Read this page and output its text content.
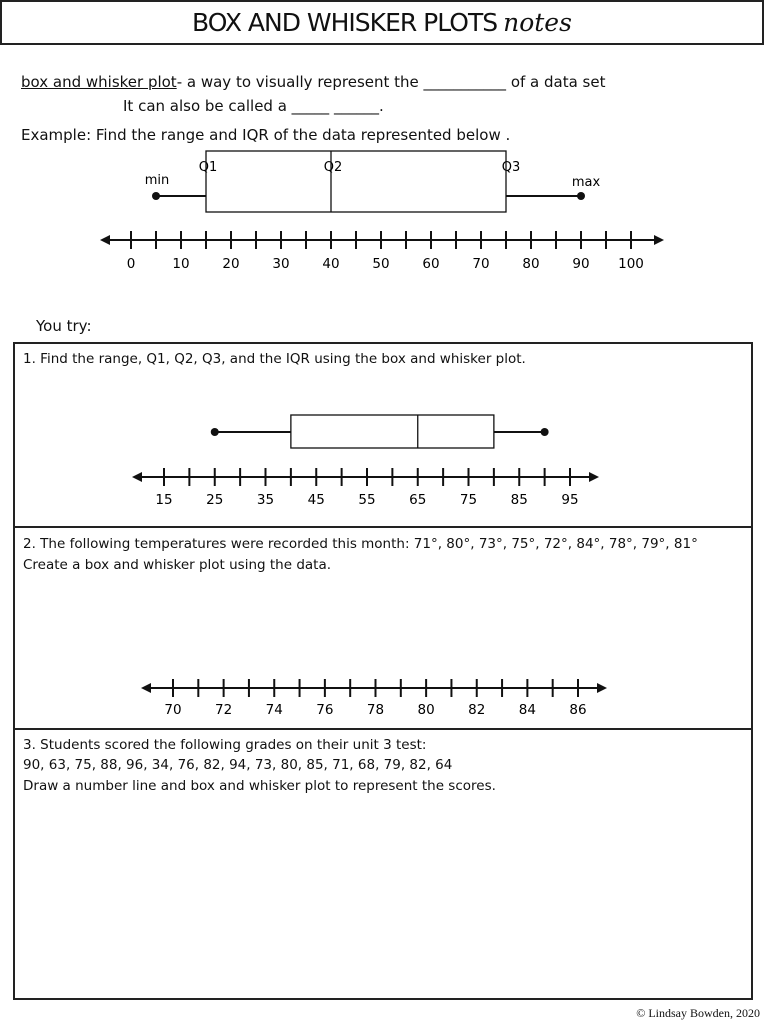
BOX AND WHISKER PLOTS notes
box and whisker plot- a way to visually represent the ___________ of a data set
It can also be called a _____ ______.
Example: Find the range and IQR of the data represented below .
min
Q1	Q2	Q3
max
0	10 20 30 40 50 60 70 80 90 100
You try:
1. Find the range, Q1, Q2, Q3, and the IQR using the box and whisker plot.
15 25 35 45 55 65 75 85 95
2. The following temperatures were recorded this month: 71°, 80°, 73°, 75°, 72°, 84°, 78°, 79°, 81°
Create a box and whisker plot using the data.
70 72 74 76 78 80 82 84 86
3. Students scored the following grades on their unit 3 test:
90, 63, 75, 88, 96, 34, 76, 82, 94, 73, 80, 85, 71, 68, 79, 82, 64
Draw a number line and box and whisker plot to represent the scores.
© Lindsay Bowden, 2020
